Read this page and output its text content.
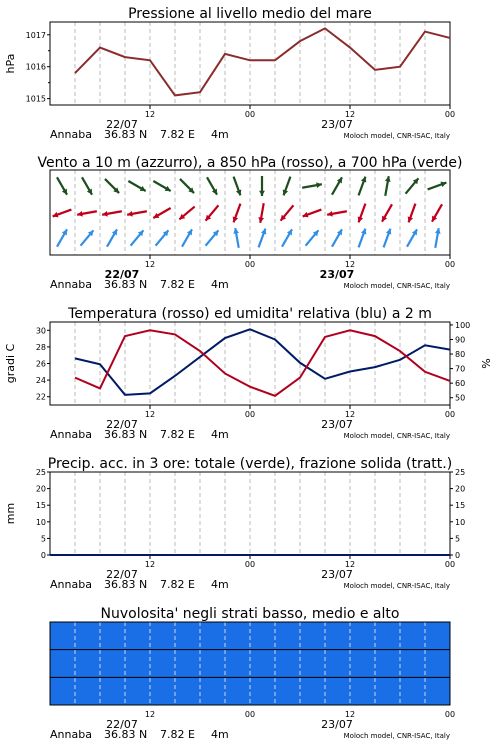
Pressione al livello medio del mare
12	00	12	00
22/07	23/07
Annaba 36.83 N 7.82 E 4m	Moloch model, CNR-ISAC, Italy
1015
1016
1017
hPa
Vento a 10 m (azzurro), a 850 hPa (rosso), a 700 hPa (verde)
12	00	12	00
22/07	23/07
Annaba 36.83 N 7.82 E 4m	Moloch model, CNR-ISAC, Italy
Temperatura (rosso) ed umidita' relativa (blu) a 2 m
12	00	12	00
22/07	23/07
Annaba 36.83 N 7.82 E 4m	Moloch model, CNR-ISAC, Italy
22
24
26
28
30
50
60
70
80
90
100
gradi C	%
Precip. acc. in 3 ore: totale (verde), frazione solida (tratt.)
12	00	12	00
22/07	23/07
Annaba 36.83 N 7.82 E 4m	Moloch model, CNR-ISAC, Italy
0	0
5	5
10	10
15	15
20	20
25	25
mm
Nuvolosita' negli strati basso, medio e alto
12	00	12	00
22/07	23/07
Annaba 36.83 N 7.82 E 4m	Moloch model, CNR-ISAC, Italy
